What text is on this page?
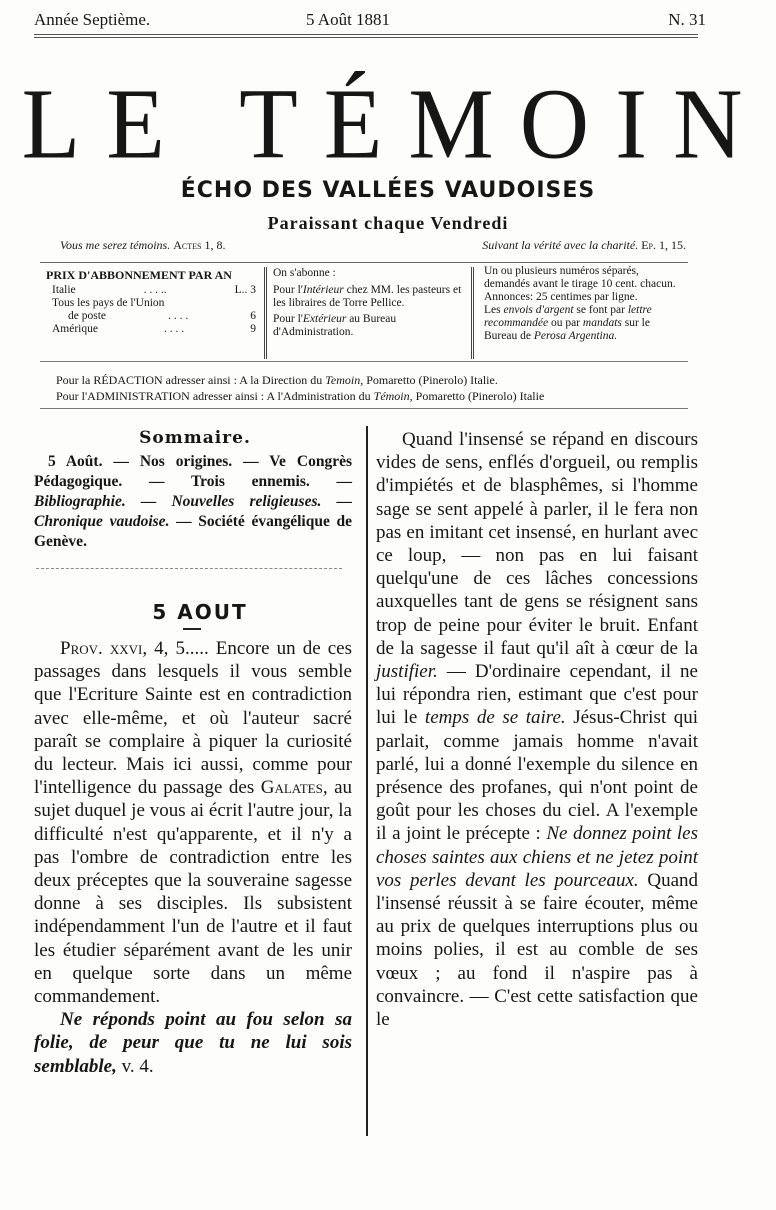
Année Septième.	5 Août 1881	N. 31
LE TÉMOIN
ÉCHO DES VALLÉES VAUDOISES
Paraissant chaque Vendredi
Vous me serez témoins. Actes 1, 8.	Suivant la vérité avec la charité. Ep. 1, 15.
PRIX D'ABBONNEMENT PAR AN
Italie	. . . ..	L.. 3
Tous les pays de l'Union
de poste	. . . .	6
Amérique	. . . .	9
On s'abonne :
Pour l'Intérieur chez MM. les pasteurs et les libraires de Torre Pellice.
Pour l'Extérieur au Bureau d'Administration.
Un ou plusieurs numéros séparés, demandés avant le tirage 10 cent. chacun.
Annonces: 25 centimes par ligne.
Les envois d'argent se font par lettre recommandée ou par mandats sur le Bureau de Perosa Argentina.
Pour la RÉDACTION adresser ainsi : A la Direction du Temoin, Pomaretto (Pinerolo) Italie.
Pour l'ADMINISTRATION adresser ainsi : A l'Administration du Témoin, Pomaretto (Pinerolo) Italie
Sommaire.
5 Août. — Nos origines. — Ve Congrès Pédagogique. — Trois ennemis. — Bibliographie. — Nouvelles religieuses. — Chronique vaudoise. — Société évangélique de Genève.
5 AOUT

Prov. xxvi, 4, 5..... Encore un de ces passages dans lesquels il vous semble que l'Ecriture Sainte est en contradiction avec elle-même, et où l'auteur sacré paraît se complaire à piquer la curiosité du lecteur. Mais ici aussi, comme pour l'intelligence du passage des Galates, au sujet duquel je vous ai écrit l'autre jour, la difficulté n'est qu'apparente, et il n'y a pas l'ombre de contradiction entre les deux préceptes que la souveraine sagesse donne à ses disciples. Ils subsistent indépendamment l'un de l'autre et il faut les étudier séparément avant de les unir en quelque sorte dans un même commandement.

Ne réponds point au fou selon sa folie, de peur que tu ne lui sois semblable, v. 4.

Quand l'insensé se répand en discours vides de sens, enflés d'orgueil, ou remplis d'impiétés et de blasphêmes, si l'homme sage se sent appelé à parler, il le fera non pas en imitant cet insensé, en hurlant avec ce loup, — non pas en lui faisant quelqu'une de ces lâches concessions auxquelles tant de gens se résignent sans trop de peine pour éviter le bruit. Enfant de la sagesse il faut qu'il aît à cœur de la justifier. — D'ordinaire cependant, il ne lui répondra rien, estimant que c'est pour lui le temps de se taire. Jésus-Christ qui parlait, comme jamais homme n'avait parlé, lui a donné l'exemple du silence en présence des profanes, qui n'ont point de goût pour les choses du ciel. A l'exemple il a joint le précepte : Ne donnez point les choses saintes aux chiens et ne jetez point vos perles devant les pourceaux. Quand l'insensé réussit à se faire écouter, même au prix de quelques interruptions plus ou moins polies, il est au comble de ses vœux ; au fond il n'aspire pas à convaincre. — C'est cette satisfaction que le
